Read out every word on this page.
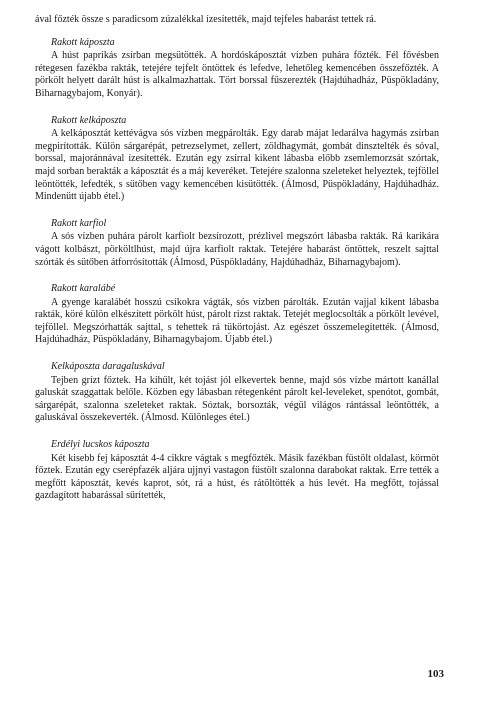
ával főzték össze s paradicsom zúzalékkal ízesítették, majd tejfeles habarást tettek rá.

Rakott káposzta

A húst paprikás zsírban megsütötték. A hordóskáposztát vízben puhára főzték. Fél fővésben rétegesen fazékba rakták, tetejére tejfelt öntöttek és lefedve, lehetőleg kemencében összefőzték. A pörkölt helyett darált húst is alkalmazhattak. Tört borssal fűszerezték (Hajdúhadház, Püspökladány, Biharnagybajom, Konyár).

Rakott kelkáposzta

A kelkáposztát kettévágva sós vízben megpárolták. Egy darab májat ledarálva hagymás zsírban megpirították. Külön sárgarépát, petrezselymet, zellert, zöldhagymát, gombát dinsztelték és sóval, borssal, majoránnával ízesítették. Ezután egy zsírral kikent lábasba előbb zsemlemorzsát szórtak, majd sorban berakták a káposztát és a máj keveréket. Tetejére szalonna szeleteket helyeztek, tejföllel leöntötték, lefedték, s sütőben vagy kemencében kisütötték. (Álmosd, Püspökladány, Hajdúhadház. Mindenütt újabb étel.)

Rakott karfiol

A sós vízben puhára párolt karfiolt bezsírozott, prézlivel megszórt lábasba rakták. Rá karikára vágott kolbászt, pörköltlhúst, majd újra karfiolt raktak. Tetejére habarást öntöttek, reszelt sajttal szórták és sütőben átforrósították (Álmosd, Püspökladány, Hajdúhadház, Biharnagybajom).

Rakott karalábé

A gyenge karalábét hosszú csíkokra vágták, sós vízben párolták. Ezután vajjal kikent lábasba rakták, köré külön elkészített pörkölt húst, párolt rizst raktak. Tetejét meglocsolták a pörkölt levével, tejföllel. Megszórhatták sajttal, s tehettek rá tükörtojást. Az egészet összemelegítették. (Álmosd, Hajdúhadház, Püspökladány, Biharnagybajom. Újabb étel.)

Kelkáposzta daragaluskával

Tejben grízt főztek. Ha kihűlt, két tojást jól elkevertek benne, majd sós vízbe mártott kanállal galuskát szaggattak belőle. Közben egy lábasban rétegenként párolt kel-leveleket, spenótot, gombát, sárgarépát, szalonna szeleteket raktak. Sóztak, borsozták, végül világos rántással leöntötték, a galuskával összekeverték. (Álmosd. Különleges étel.)

Erdélyi lucskos káposzta

Két kisebb fej káposztát 4-4 cikkre vágtak s megfőzték. Másik fazékban füstölt oldalast, körmöt főztek. Ezután egy cserépfazék aljára ujjnyi vastagon füstölt szalonna darabokat raktak. Erre tették a megfőtt káposztát, kevés kaprot, sót, rá a húst, és rátöltötték a hús levét. Ha megfőtt, tojással gazdagított habarással sűrítették,

103
